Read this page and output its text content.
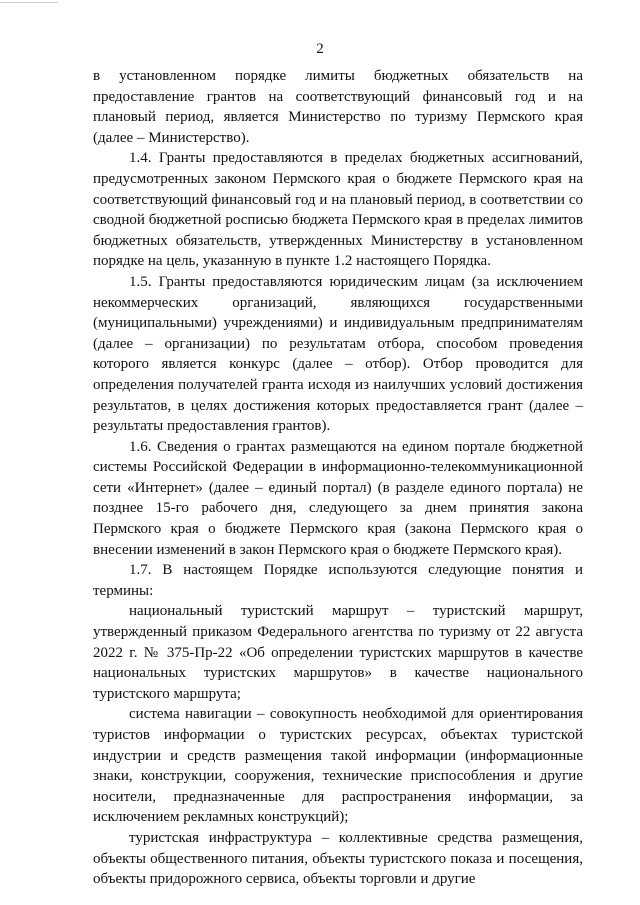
2

в установленном порядке лимиты бюджетных обязательств на предоставление грантов на соответствующий финансовый год и на плановый период, является Министерство по туризму Пермского края (далее – Министерство).

1.4. Гранты предоставляются в пределах бюджетных ассигнований, предусмотренных законом Пермского края о бюджете Пермского края на соответствующий финансовый год и на плановый период, в соответствии со сводной бюджетной росписью бюджета Пермского края в пределах лимитов бюджетных обязательств, утвержденных Министерству в установленном порядке на цель, указанную в пункте 1.2 настоящего Порядка.

1.5. Гранты предоставляются юридическим лицам (за исключением некоммерческих организаций, являющихся государственными (муниципальными) учреждениями) и индивидуальным предпринимателям (далее – организации) по результатам отбора, способом проведения которого является конкурс (далее – отбор). Отбор проводится для определения получателей гранта исходя из наилучших условий достижения результатов, в целях достижения которых предоставляется грант (далее – результаты предоставления грантов).

1.6. Сведения о грантах размещаются на едином портале бюджетной системы Российской Федерации в информационно-телекоммуникационной сети «Интернет» (далее – единый портал) (в разделе единого портала) не позднее 15-го рабочего дня, следующего за днем принятия закона Пермского края о бюджете Пермского края (закона Пермского края о внесении изменений в закон Пермского края о бюджете Пермского края).

1.7. В настоящем Порядке используются следующие понятия и термины:

национальный туристский маршрут – туристский маршрут, утвержденный приказом Федерального агентства по туризму от 22 августа 2022 г. № 375-Пр-22 «Об определении туристских маршрутов в качестве национальных туристских маршрутов» в качестве национального туристского маршрута;

система навигации – совокупность необходимой для ориентирования туристов информации о туристских ресурсах, объектах туристской индустрии и средств размещения такой информации (информационные знаки, конструкции, сооружения, технические приспособления и другие носители, предназначенные для распространения информации, за исключением рекламных конструкций);

туристская инфраструктура – коллективные средства размещения, объекты общественного питания, объекты туристского показа и посещения, объекты придорожного сервиса, объекты торговли и другие
